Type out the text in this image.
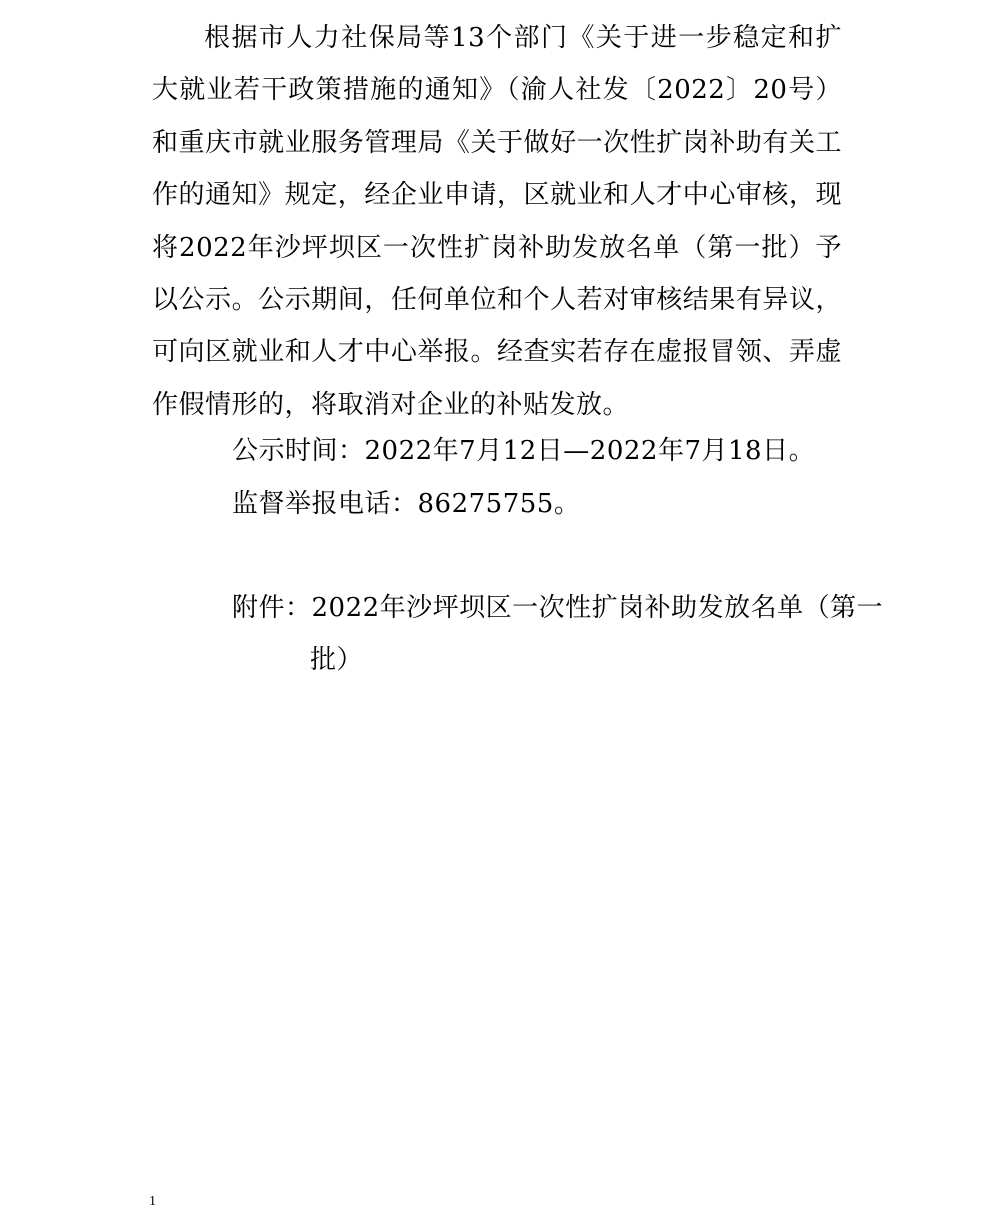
根据市人力社保局等13个部门《关于进一步稳定和扩大就业若干政策措施的通知》（渝人社发〔2022〕20号）和重庆市就业服务管理局《关于做好一次性扩岗补助有关工作的通知》规定，经企业申请，区就业和人才中心审核，现将2022年沙坪坝区一次性扩岗补助发放名单（第一批）予以公示。公示期间，任何单位和个人若对审核结果有异议，可向区就业和人才中心举报。经查实若存在虚报冒领、弄虚作假情形的，将取消对企业的补贴发放。

公示时间：2022年7月12日—2022年7月18日。

监督举报电话：86275755。

附件：2022年沙坪坝区一次性扩岗补助发放名单（第一批）

1
